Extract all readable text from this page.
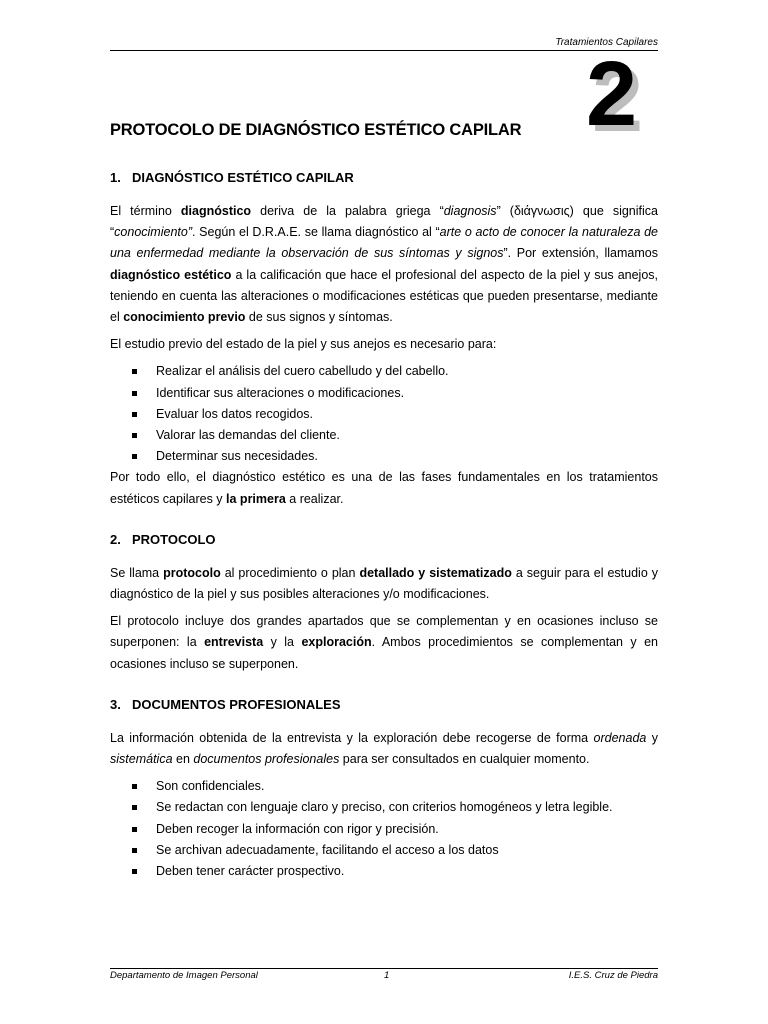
Tratamientos Capilares
2
PROTOCOLO DE DIAGNÓSTICO ESTÉTICO CAPILAR
1. DIAGNÓSTICO ESTÉTICO CAPILAR

El término diagnóstico deriva de la palabra griega “diagnosis” (διάγνωσις) que significa “conocimiento”. Según el D.R.A.E. se llama diagnóstico al “arte o acto de conocer la naturaleza de una enfermedad mediante la observación de sus síntomas y signos”. Por extensión, llamamos diagnóstico estético a la calificación que hace el profesional del aspecto de la piel y sus anejos, teniendo en cuenta las alteraciones o modificaciones estéticas que pueden presentarse, mediante el conocimiento previo de sus signos y síntomas.

El estudio previo del estado de la piel y sus anejos es necesario para:

Realizar el análisis del cuero cabelludo y del cabello.
Identificar sus alteraciones o modificaciones.
Evaluar los datos recogidos.
Valorar las demandas del cliente.
Determinar sus necesidades.

Por todo ello, el diagnóstico estético es una de las fases fundamentales en los tratamientos estéticos capilares y la primera a realizar.

2. PROTOCOLO

Se llama protocolo al procedimiento o plan detallado y sistematizado a seguir para el estudio y diagnóstico de la piel y sus posibles alteraciones y/o modificaciones.

El protocolo incluye dos grandes apartados que se complementan y en ocasiones incluso se superponen: la entrevista y la exploración. Ambos procedimientos se complementan y en ocasiones incluso se superponen.

3. DOCUMENTOS PROFESIONALES

La información obtenida de la entrevista y la exploración debe recogerse de forma ordenada y sistemática en documentos profesionales para ser consultados en cualquier momento.

Son confidenciales.
Se redactan con lenguaje claro y preciso, con criterios homogéneos y letra legible.
Deben recoger la información con rigor y precisión.
Se archivan adecuadamente, facilitando el acceso a los datos
Deben tener carácter prospectivo.
Departamento de Imagen Personal	1	I.E.S. Cruz de Piedra
